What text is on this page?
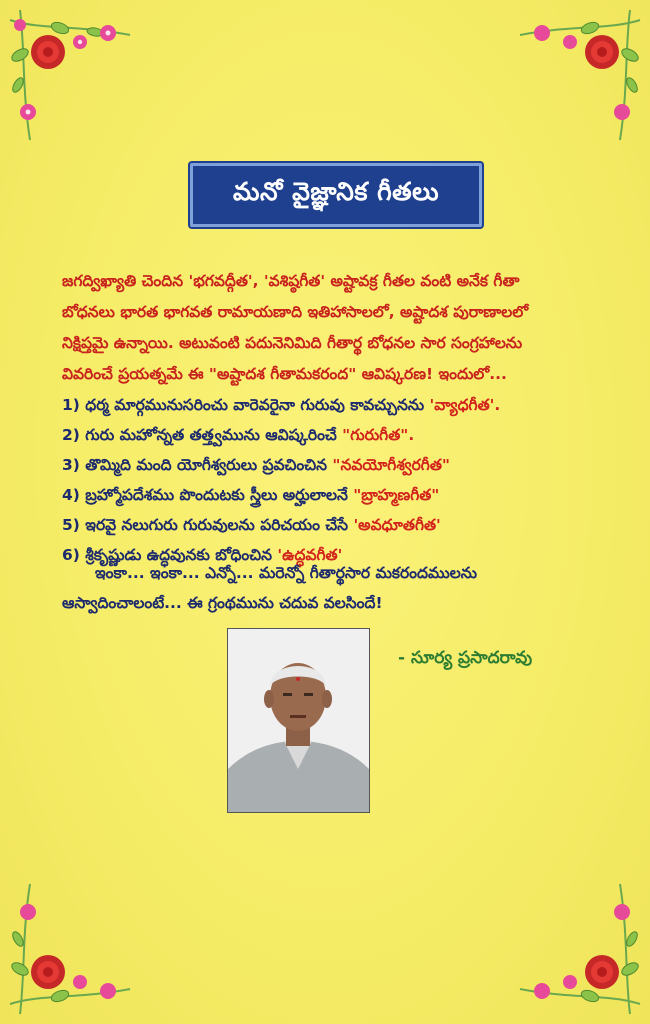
మనో వైజ్ఞానిక గీతలు

జగద్విఖ్యాతి చెందిన 'భగవద్గీత', 'వశిష్ఠగీత' అష్టావక్ర గీతల వంటి అనేక గీతా

బోధనలు భారత భాగవత రామాయణాది ఇతిహాసాలలో, అష్టాదశ పురాణాలలో

నిక్షిప్తమై ఉన్నాయి. అటువంటి పదునెనిమిది గీతార్థ బోధనల సార సంగ్రహాలను

వివరించే ప్రయత్నమే ఈ "అష్టాదశ గీతామకరంద" ఆవిష్కరణ! ఇందులో...

1) ధర్మ మార్గమునుసరించు వారెవరైనా గురువు కావచ్చునను 'వ్యాధగీత'.
2) గురు మహోన్నత తత్త్వమును ఆవిష్కరించే "గురుగీత".
3) తొమ్మిది మంది యోగీశ్వరులు ప్రవచించిన "నవయోగీశ్వరగీత"
4) బ్రహ్మోపదేశము పొందుటకు స్త్రీలు అర్హులాలనే "బ్రాహ్మణగీత"
5) ఇరవై నలుగురు గురువులను పరిచయం చేసే 'అవధూతగీత'
6) శ్రీకృష్ణుడు ఉద్ధవునకు బోధించిన 'ఉద్ధవగీత'

ఇంకా... ఇంకా... ఎన్నో... మరెన్నో గీతార్థసార మకరందములను

ఆస్వాదించాలంటే... ఈ గ్రంథమును చదువ వలసిందే!

- సూర్య ప్రసాదరావు
